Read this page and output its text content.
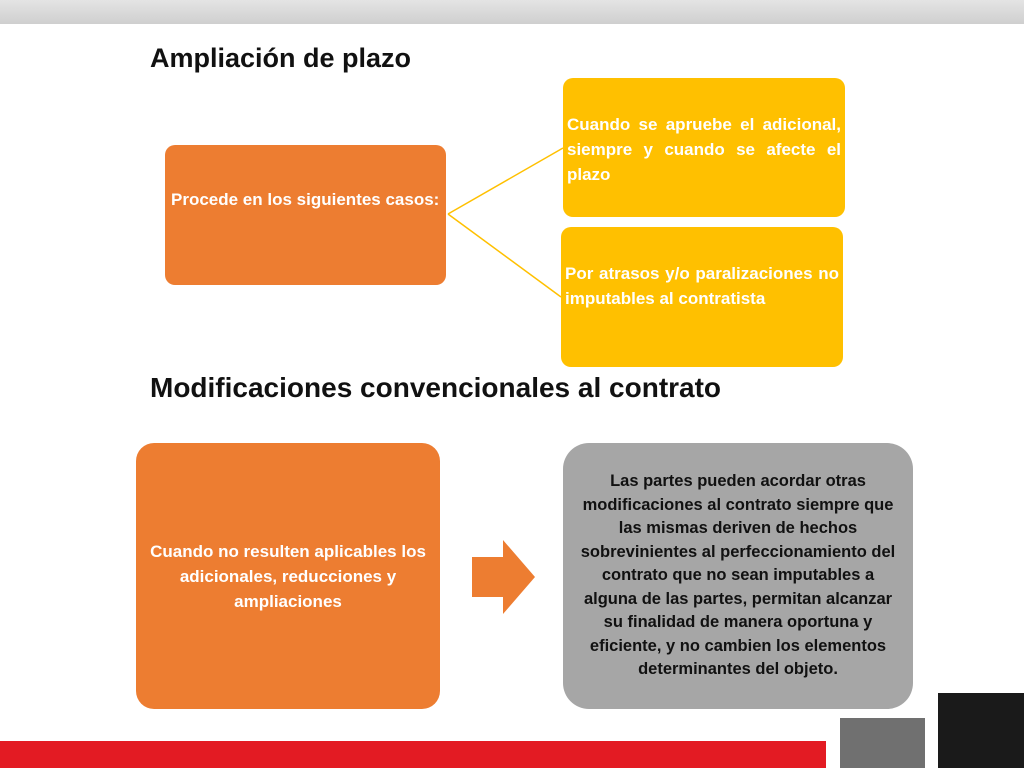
Ampliación de plazo
Procede en los siguientes casos:
Cuando se apruebe el adicional, siempre y cuando se afecte el plazo
Por atrasos y/o paralizaciones no imputables al contratista
Modificaciones convencionales al contrato
Cuando no resulten aplicables los adicionales, reducciones y ampliaciones
Las partes pueden acordar otras modificaciones al contrato siempre que las mismas deriven de hechos sobrevinientes al perfeccionamiento del contrato que no sean imputables a alguna de las partes, permitan alcanzar su finalidad de manera oportuna y eficiente, y no cambien los elementos determinantes del objeto.
